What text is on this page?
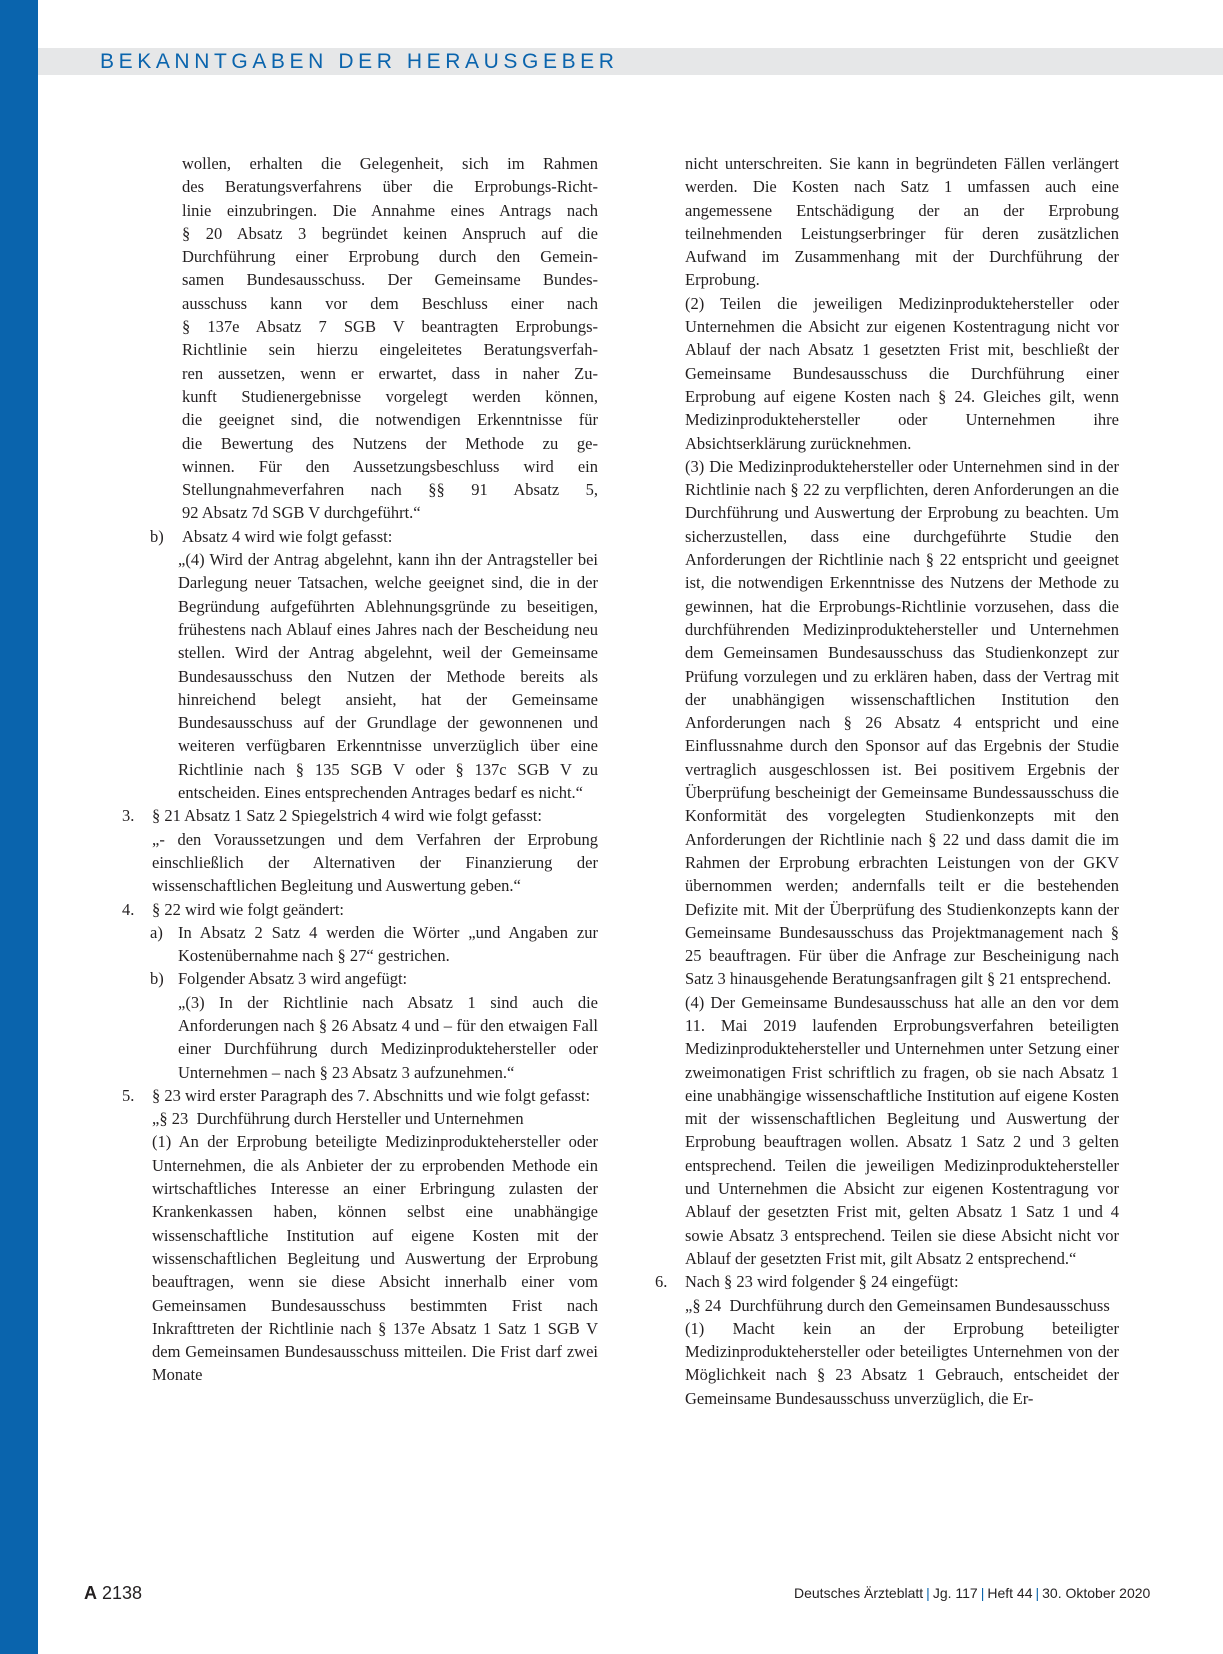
BEKANNTGABEN DER HERAUSGEBER
wollen, erhalten die Gelegenheit, sich im Rahmen
des Beratungsverfahrens über die Erprobungs-Richt-
linie einzubringen. Die Annahme eines Antrags nach
§ 20 Absatz 3 begründet keinen Anspruch auf die
Durchführung einer Erprobung durch den Gemein-
samen Bundesausschuss. Der Gemeinsame Bundes-
ausschuss kann vor dem Beschluss einer nach
§ 137e Absatz 7 SGB V beantragten Erprobungs-
Richtlinie sein hierzu eingeleitetes Beratungsverfah-
ren aussetzen, wenn er erwartet, dass in naher Zu-
kunft Studienergebnisse vorgelegt werden können,
die geeignet sind, die notwendigen Erkenntnisse für
die Bewertung des Nutzens der Methode zu ge-
winnen. Für den Aussetzungsbeschluss wird ein
Stellungnahmeverfahren nach §§ 91 Absatz 5,
92 Absatz 7d SGB V durchgeführt.“
b) Absatz 4 wird wie folgt gefasst:

„(4) Wird der Antrag abgelehnt, kann ihn der Antragsteller bei Darlegung neuer Tatsachen, welche geeignet sind, die in der Begründung aufgeführten Ablehnungsgründe zu beseitigen, frühestens nach Ablauf eines Jahres nach der Bescheidung neu stellen. Wird der Antrag abgelehnt, weil der Gemeinsame Bundesausschuss den Nutzen der Methode bereits als hinreichend belegt ansieht, hat der Gemeinsame Bundesausschuss auf der Grundlage der gewonnenen und weiteren verfügbaren Erkenntnisse unverzüglich über eine Richtlinie nach § 135 SGB V oder § 137c SGB V zu entscheiden. Eines entsprechenden Antrages bedarf es nicht.“

3. § 21 Absatz 1 Satz 2 Spiegelstrich 4 wird wie folgt gefasst:

„- den Voraussetzungen und dem Verfahren der Erprobung einschließlich der Alternativen der Finanzierung der wissenschaftlichen Begleitung und Auswertung geben.“

4. § 22 wird wie folgt geändert:

a) In Absatz 2 Satz 4 werden die Wörter „und Angaben zur Kostenübernahme nach § 27“ gestrichen.

b) Folgender Absatz 3 wird angefügt:

„(3) In der Richtlinie nach Absatz 1 sind auch die Anforderungen nach § 26 Absatz 4 und – für den etwaigen Fall einer Durchführung durch Medizinproduktehersteller oder Unternehmen – nach § 23 Absatz 3 aufzunehmen.“

5. § 23 wird erster Paragraph des 7. Abschnitts und wie folgt gefasst:

„§ 23  Durchführung durch Hersteller und Unternehmen

(1) An der Erprobung beteiligte Medizinproduktehersteller oder Unternehmen, die als Anbieter der zu erprobenden Methode ein wirtschaftliches Interesse an einer Erbringung zulasten der Krankenkassen haben, können selbst eine unabhängige wissenschaftliche Institution auf eigene Kosten mit der wissenschaftlichen Begleitung und Auswertung der Erprobung beauftragen, wenn sie diese Absicht innerhalb einer vom Gemeinsamen Bundesausschuss bestimmten Frist nach Inkrafttreten der Richtlinie nach § 137e Absatz 1 Satz 1 SGB V dem Gemeinsamen Bundesausschuss mitteilen. Die Frist darf zwei Monate

nicht unterschreiten. Sie kann in begründeten Fällen verlängert werden. Die Kosten nach Satz 1 umfassen auch eine angemessene Entschädigung der an der Erprobung teilnehmenden Leistungserbringer für deren zusätzlichen Aufwand im Zusammenhang mit der Durchführung der Erprobung.

(2) Teilen die jeweiligen Medizinproduktehersteller oder Unternehmen die Absicht zur eigenen Kostentragung nicht vor Ablauf der nach Absatz 1 gesetzten Frist mit, beschließt der Gemeinsame Bundesausschuss die Durchführung einer Erprobung auf eigene Kosten nach § 24. Gleiches gilt, wenn Medizinproduktehersteller oder Unternehmen ihre Absichtserklärung zurücknehmen.

(3) Die Medizinproduktehersteller oder Unternehmen sind in der Richtlinie nach § 22 zu verpflichten, deren Anforderungen an die Durchführung und Auswertung der Erprobung zu beachten. Um sicherzustellen, dass eine durchgeführte Studie den Anforderungen der Richtlinie nach § 22 entspricht und geeignet ist, die notwendigen Erkenntnisse des Nutzens der Methode zu gewinnen, hat die Erprobungs-Richtlinie vorzusehen, dass die durchführenden Medizinproduktehersteller und Unternehmen dem Gemeinsamen Bundesausschuss das Studienkonzept zur Prüfung vorzulegen und zu erklären haben, dass der Vertrag mit der unabhängigen wissenschaftlichen Institution den Anforderungen nach § 26 Absatz 4 entspricht und eine Einflussnahme durch den Sponsor auf das Ergebnis der Studie vertraglich ausgeschlossen ist. Bei positivem Ergebnis der Überprüfung bescheinigt der Gemeinsame Bundessausschuss die Konformität des vorgelegten Studienkonzepts mit den Anforderungen der Richtlinie nach § 22 und dass damit die im Rahmen der Erprobung erbrachten Leistungen von der GKV übernommen werden; andernfalls teilt er die bestehenden Defizite mit. Mit der Überprüfung des Studienkonzepts kann der Gemeinsame Bundesausschuss das Projektmanagement nach § 25 beauftragen. Für über die Anfrage zur Bescheinigung nach Satz 3 hinausgehende Beratungsanfragen gilt § 21 entsprechend.

(4) Der Gemeinsame Bundesausschuss hat alle an den vor dem 11. Mai 2019 laufenden Erprobungsverfahren beteiligten Medizinproduktehersteller und Unternehmen unter Setzung einer zweimonatigen Frist schriftlich zu fragen, ob sie nach Absatz 1 eine unabhängige wissenschaftliche Institution auf eigene Kosten mit der wissenschaftlichen Begleitung und Auswertung der Erprobung beauftragen wollen. Absatz 1 Satz 2 und 3 gelten entsprechend. Teilen die jeweiligen Medizinproduktehersteller und Unternehmen die Absicht zur eigenen Kostentragung vor Ablauf der gesetzten Frist mit, gelten Absatz 1 Satz 1 und 4 sowie Absatz 3 entsprechend. Teilen sie diese Absicht nicht vor Ablauf der gesetzten Frist mit, gilt Absatz 2 entsprechend.“

6. Nach § 23 wird folgender § 24 eingefügt:

„§ 24  Durchführung durch den Gemeinsamen Bundesausschuss

(1) Macht kein an der Erprobung beteiligter Medizinproduktehersteller oder beteiligtes Unternehmen von der Möglichkeit nach § 23 Absatz 1 Gebrauch, entscheidet der Gemeinsame Bundesausschuss unverzüglich, die Er-

A 2138	Deutsches Ärzteblatt | Jg. 117 | Heft 44 | 30. Oktober 2020
